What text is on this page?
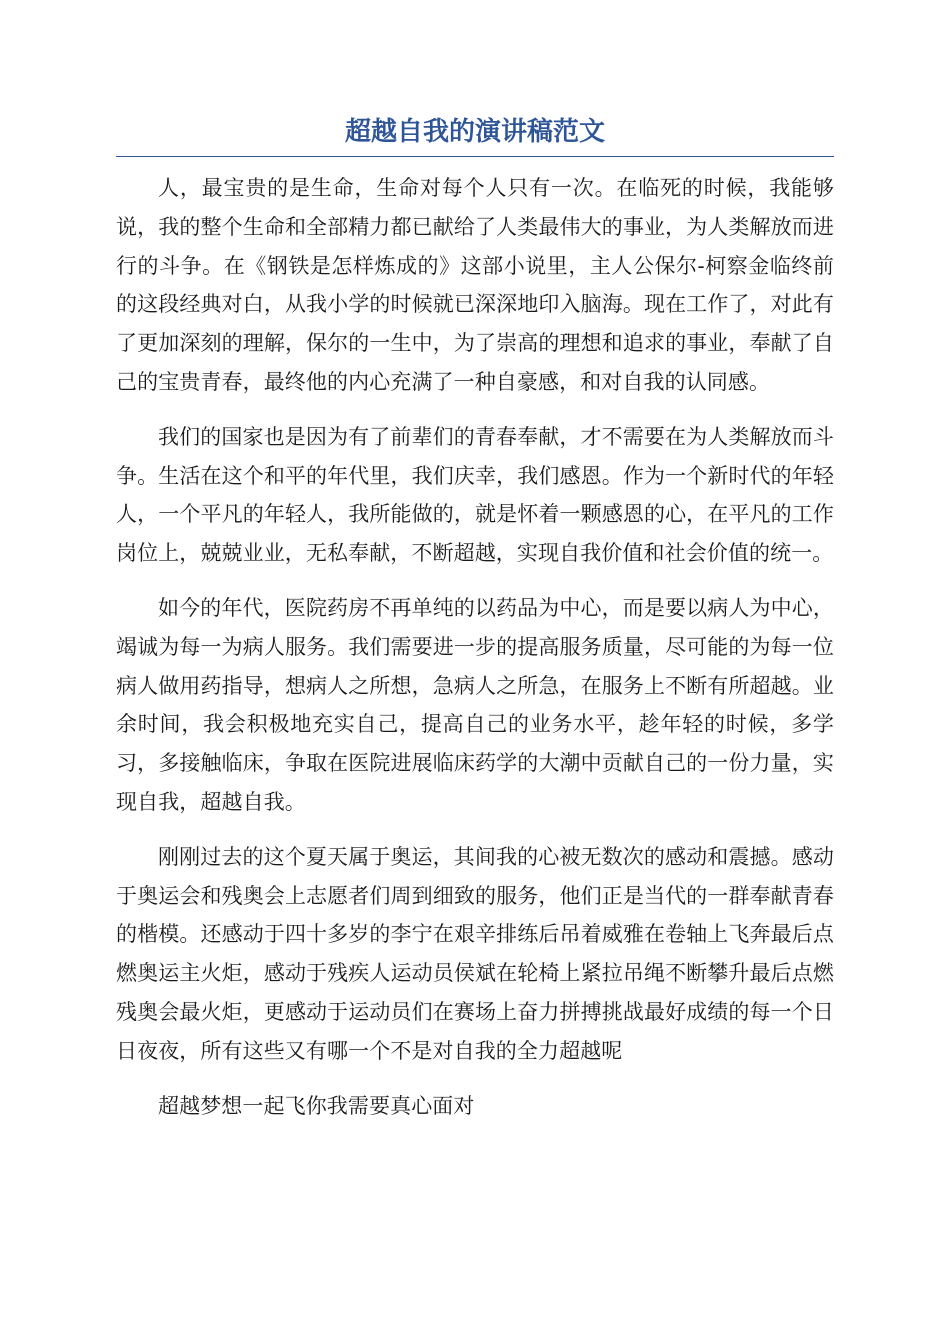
超越自我的演讲稿范文

人，最宝贵的是生命，生命对每个人只有一次。在临死的时候，我能够说，我的整个生命和全部精力都已献给了人类最伟大的事业，为人类解放而进行的斗争。在《钢铁是怎样炼成的》这部小说里，主人公保尔-柯察金临终前的这段经典对白，从我小学的时候就已深深地印入脑海。现在工作了，对此有了更加深刻的理解，保尔的一生中，为了崇高的理想和追求的事业，奉献了自己的宝贵青春，最终他的内心充满了一种自豪感，和对自我的认同感。

我们的国家也是因为有了前辈们的青春奉献，才不需要在为人类解放而斗争。生活在这个和平的年代里，我们庆幸，我们感恩。作为一个新时代的年轻人，一个平凡的年轻人，我所能做的，就是怀着一颗感恩的心，在平凡的工作岗位上，兢兢业业，无私奉献，不断超越，实现自我价值和社会价值的统一。

如今的年代，医院药房不再单纯的以药品为中心，而是要以病人为中心，竭诚为每一为病人服务。我们需要进一步的提高服务质量，尽可能的为每一位病人做用药指导，想病人之所想，急病人之所急，在服务上不断有所超越。业余时间，我会积极地充实自己，提高自己的业务水平，趁年轻的时候，多学习，多接触临床，争取在医院进展临床药学的大潮中贡献自己的一份力量，实现自我，超越自我。

刚刚过去的这个夏天属于奥运，其间我的心被无数次的感动和震撼。感动于奥运会和残奥会上志愿者们周到细致的服务，他们正是当代的一群奉献青春的楷模。还感动于四十多岁的李宁在艰辛排练后吊着威雅在卷轴上飞奔最后点燃奥运主火炬，感动于残疾人运动员侯斌在轮椅上紧拉吊绳不断攀升最后点燃残奥会最火炬，更感动于运动员们在赛场上奋力拼搏挑战最好成绩的每一个日日夜夜，所有这些又有哪一个不是对自我的全力超越呢

超越梦想一起飞你我需要真心面对
